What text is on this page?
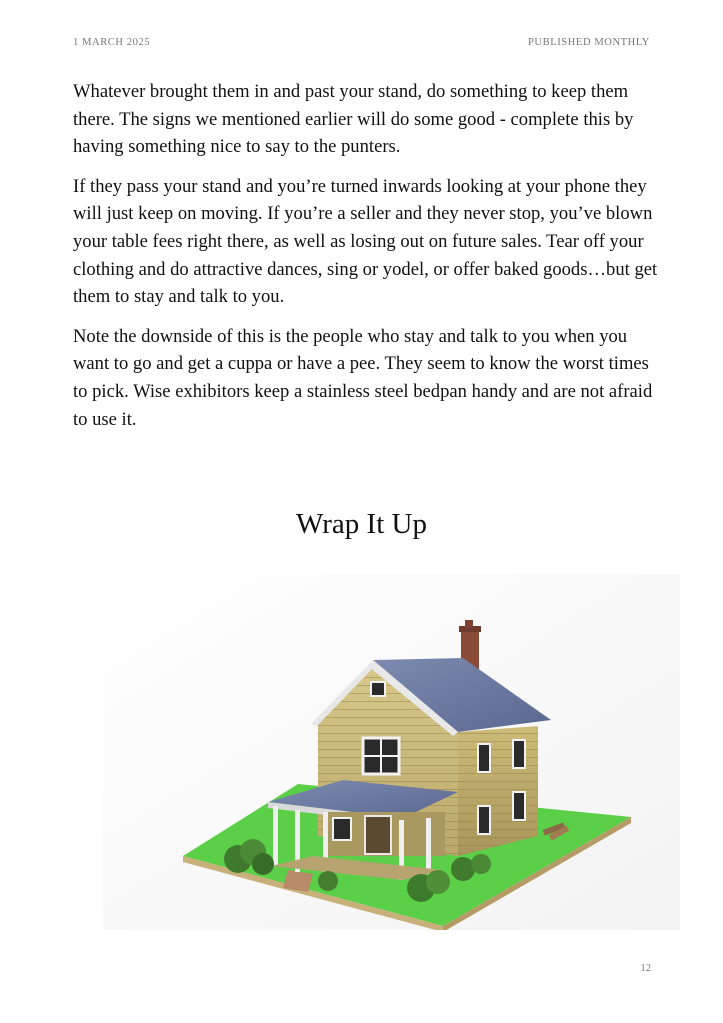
1 MARCH 2025	PUBLISHED MONTHLY

Whatever brought them in and past your stand, do something to keep them there. The signs we mentioned earlier will do some good - complete this by having something nice to say to the punters.

If they pass your stand and you’re turned inwards looking at your phone they will just keep on moving. If you’re a seller and they never stop, you’ve blown your table fees right there, as well as losing out on future sales. Tear off your clothing and do attractive dances, sing or yodel, or offer baked goods…but get them to stay and talk to you.

Note the downside of this is the people who stay and talk to you when you want to go and get a cuppa or have a pee. They seem to know the worst times to pick. Wise exhibitors keep a stainless steel bedpan handy and are not afraid to use it.

Wrap It Up
12
